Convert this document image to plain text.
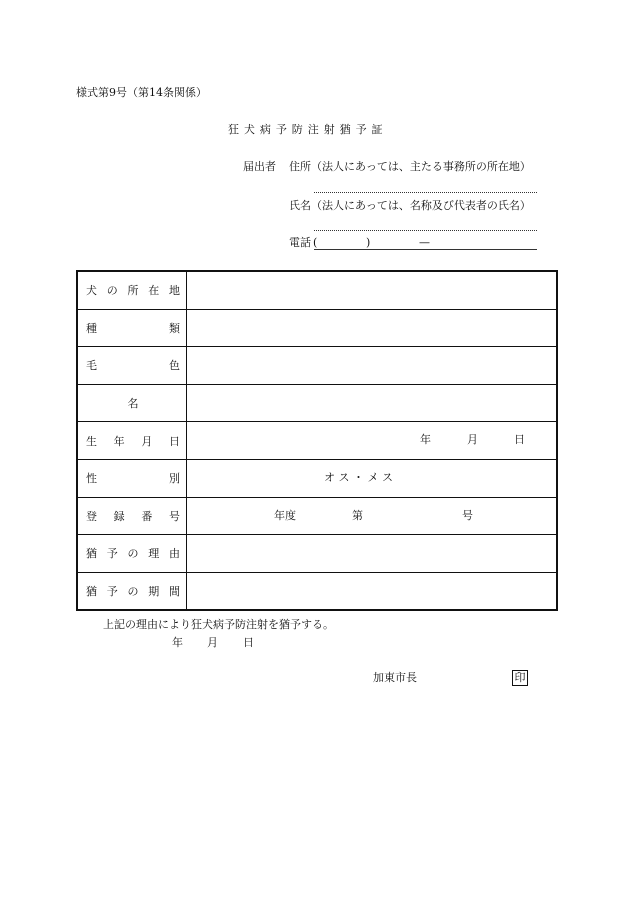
様式第9号（第14条関係）
狂犬病予防注射猶予証
届出者 住所（法人にあっては、主たる事務所の所在地）
氏名（法人にあっては、名称及び代表者の氏名）
電話 (	)	—
犬 の 所 在 地	

種 類	

毛 色	

名	

生 年 月 日	年 月 日

性 別	オ ス ・ メ ス

登 録 番 号	年度 第 号

猶 予 の 理 由	

猶 予 の 期 間	

上記の理由により狂犬病予防注射を猶予する。
年 月 日
加東市長	印
